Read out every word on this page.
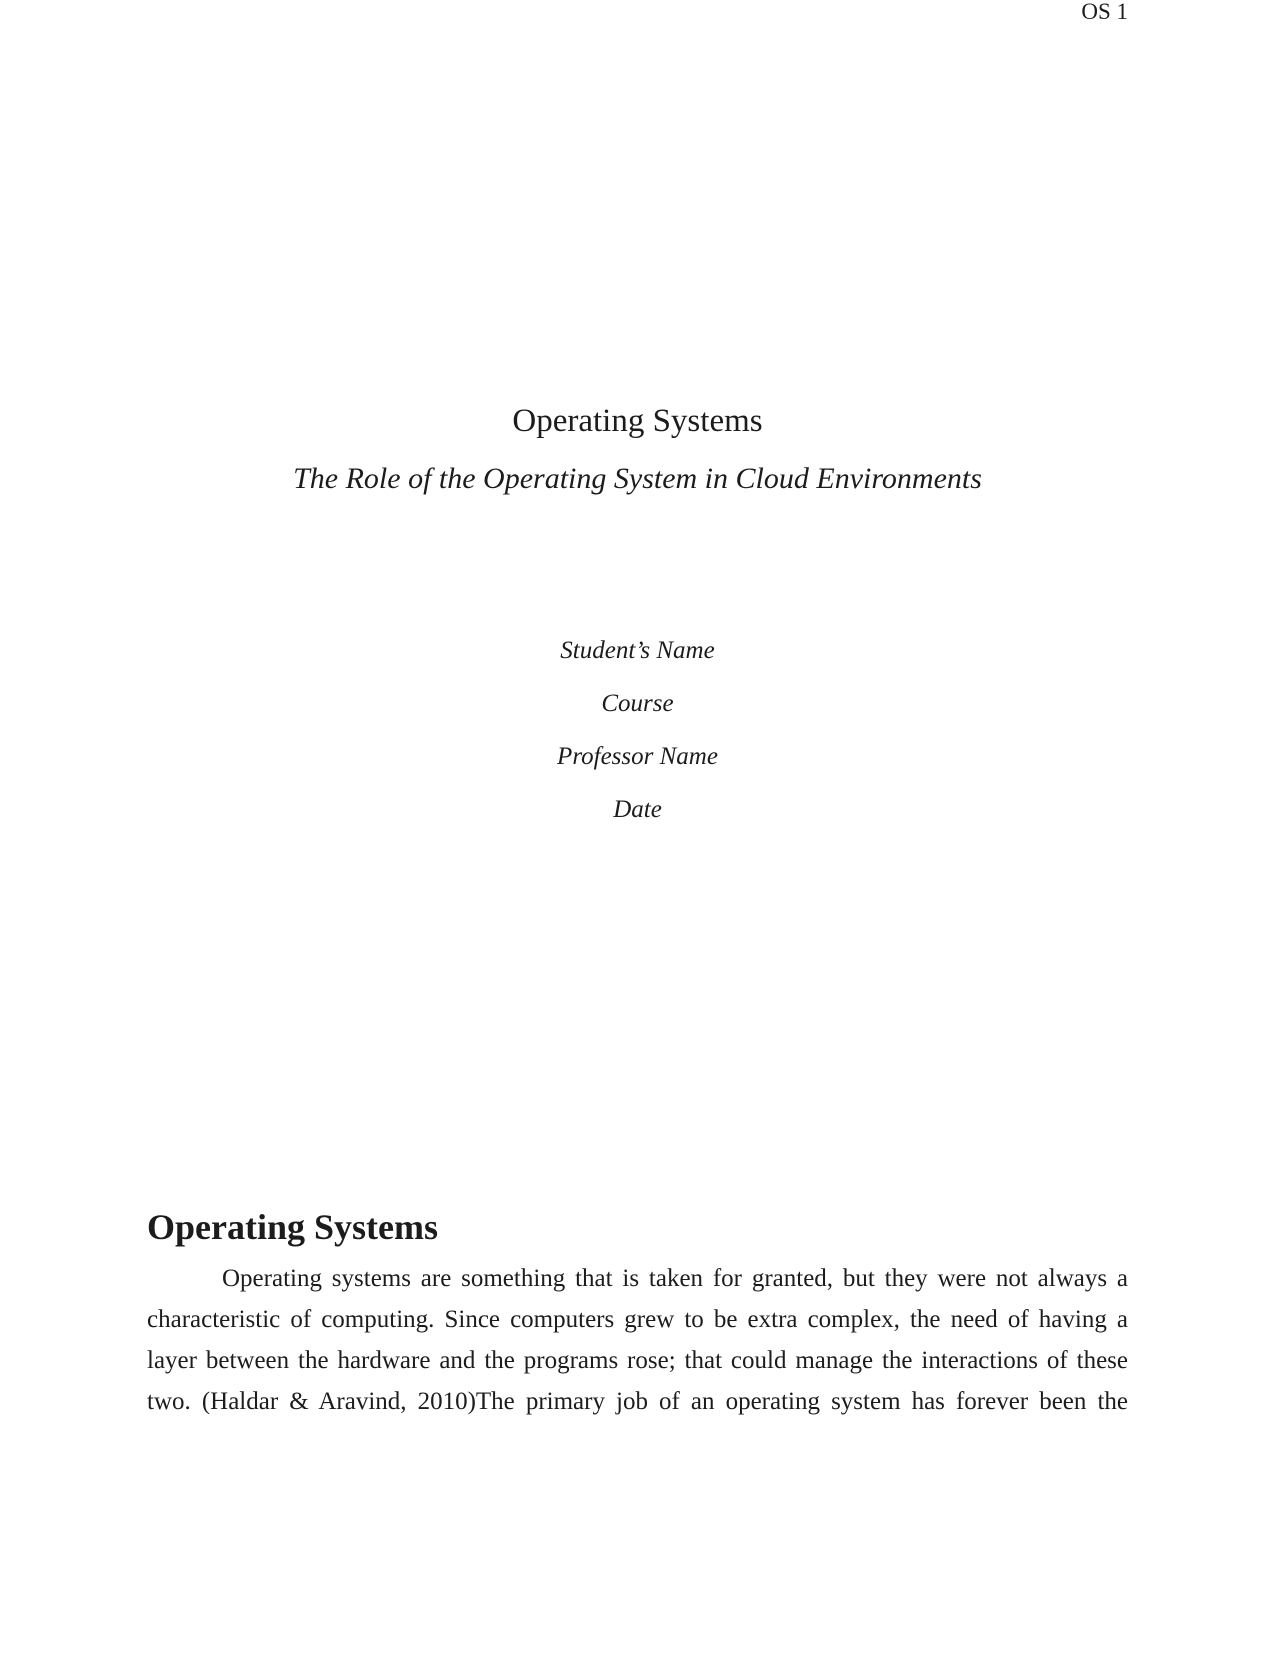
OS 1
Operating Systems
The Role of the Operating System in Cloud Environments
Student’s Name
Course
Professor Name
Date
Operating Systems
Operating systems are something that is taken for granted, but they were not always a
characteristic of computing. Since computers grew to be extra complex, the need of having a
layer between the hardware and the programs rose; that could manage the interactions of these
two. (Haldar & Aravind, 2010)The primary job of an operating system has forever been the
